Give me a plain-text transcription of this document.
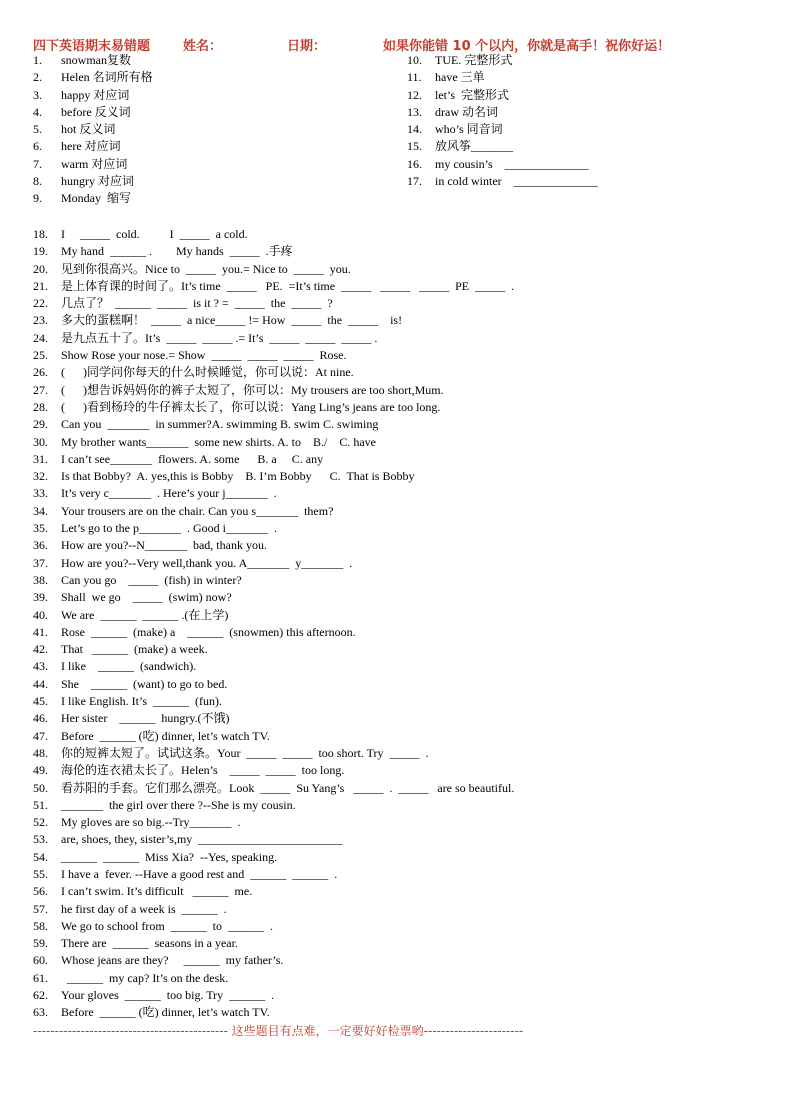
四下英语期末易错题	姓名：	日期：	如果你能错 10 个以内，你就是高手！祝你好运！
1. snowman复数
2. Helen 名词所有格
3. happy 对应词
4. before 反义词
5. hot 反义词
6. here 对应词
7. warm 对应词
8. hungry 对应词
9. Monday  缩写
10. TUE. 完整形式
11. have 三单
12. let’s  完整形式
13. draw 动名词
14. who’s 同音词
15. 放风筝_______
16. my cousin’s    ______________
17. in cold winter    ______________
18. I     _____  cold.          I  _____  a cold.
19. My hand  ______ .        My hands  _____  .手疼
20. 见到你很高兴。Nice to  _____  you.= Nice to  _____  you.
21. 是上体育课的时间了。It’s time  _____   PE.  =It’s time  _____   _____   _____  PE  _____  .
22. 几点了？  ______  _____  is it ? =  _____  the  _____  ?
23. 多大的蛋糕啊！  _____  a nice_____ != How  _____  the  _____    is!
24. 是九点五十了。It’s  _____  _____ .= It’s  _____  _____  _____ .
25. Show Rose your nose.= Show  _____  _____  _____  Rose.
26. (      )同学问你每天的什么时候睡觉，你可以说：At nine.
27. (      )想告诉妈妈你的裤子太短了，你可以：My trousers are too short,Mum.
28. (      )看到杨玲的牛仔裤太长了，你可以说：Yang Ling’s jeans are too long.
29. Can you  _______  in summer?A. swimming B. swim C. swiming
30. My brother wants_______  some new shirts. A. to    B./    C. have
31. I can’t see_______  flowers. A. some      B. a     C. any
32. Is that Bobby?  A. yes,this is Bobby    B. I’m Bobby      C.  That is Bobby
33. It’s very c_______  . Here’s your j_______  .
34. Your trousers are on the chair. Can you s_______  them?
35. Let’s go to the p_______  . Good i_______  .
36. How are you?--N_______  bad, thank you.
37. How are you?--Very well,thank you. A_______  y_______  .
38. Can you go    _____  (fish) in winter?
39. Shall  we go    _____  (swim) now?
40. We are  ______  ______ .(在上学)
41. Rose  ______  (make) a    ______  (snowmen) this afternoon.
42. That   ______  (make) a week.
43. I like    ______  (sandwich).
44. She    ______  (want) to go to bed.
45. I like English. It’s  ______  (fun).
46. Her sister    ______  hungry.(不饿)
47. Before  ______ (吃) dinner, let’s watch TV.
48. 你的短裤太短了。试试这条。Your  _____  _____  too short. Try  _____  .
49. 海伦的连衣裙太长了。Helen’s    _____  _____  too long.
50. 看苏阳的手套。它们那么漂亮。Look  _____  Su Yang’s   _____  .  _____   are so beautiful.
51. _______  the girl over there ?--She is my cousin.
52. My gloves are so big.--Try_______  .
53. are, shoes, they, sister’s,my  ________________________
54. ______  ______  Miss Xia?  --Yes, speaking.
55. I have a  fever. --Have a good rest and  ______  ______  .
56. I can’t swim. It’s difficult   ______  me.
57. he first day of a week is  ______  .
58. We go to school from  ______  to  ______  .
59. There are  ______  seasons in a year.
60. Whose jeans are they?     ______  my father’s.
61.  ______  my cap? It’s on the desk.
62. Your gloves  ______  too big. Try  ______  .
63. Before  ______ (吃) dinner, let’s watch TV.
--------------------------------------------- 这些题目有点难，一定要好好检票哟-----------------------
